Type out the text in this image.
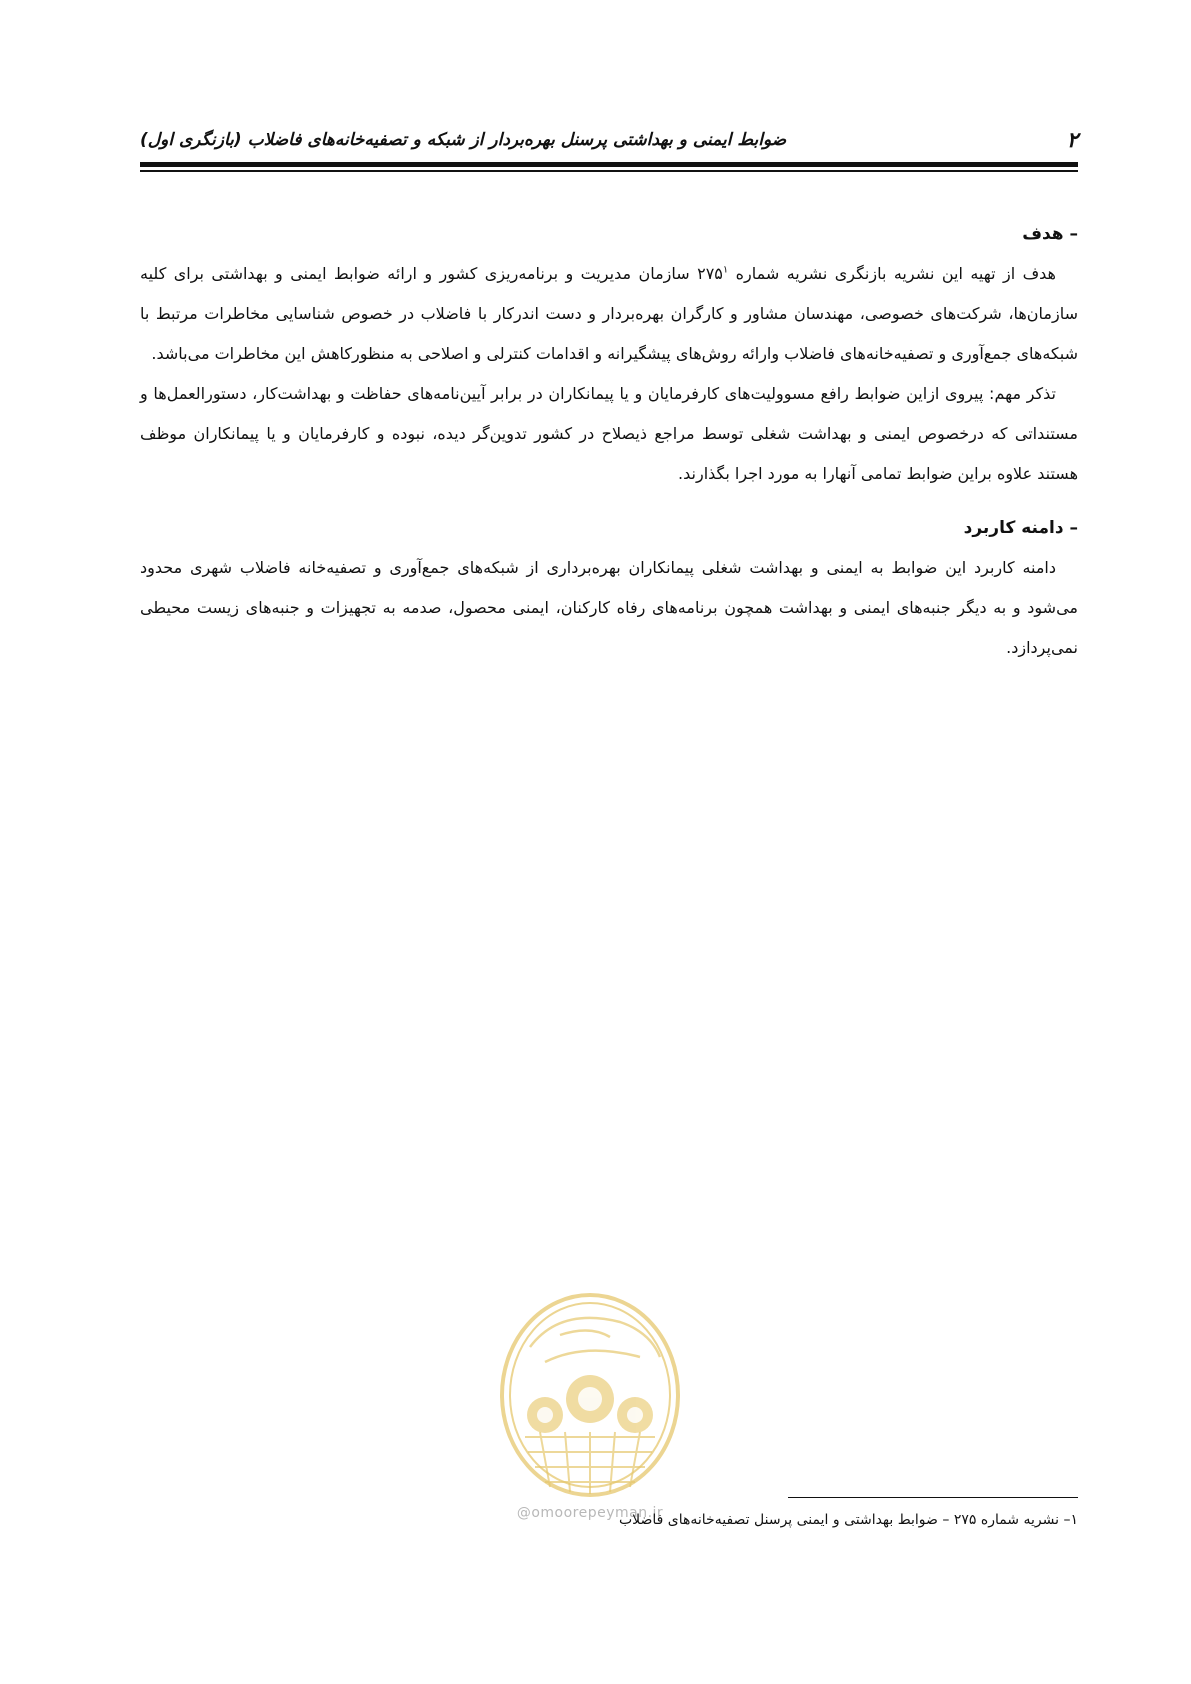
۲
ضوابط ایمنی و بهداشتی پرسنل بهره‌بردار از شبکه و تصفیه‌خانه‌های فاضلاب (بازنگری اول)

– هدف

هدف از تهیه این نشریه بازنگری نشریه شماره $۲۷۵^۱$ سازمان مدیریت و برنامه‌ریزی کشور و ارائه ضوابط ایمنی و بهداشتی برای کلیه سازمان‌ها، شرکت‌های خصوصی، مهندسان مشاور و کارگران بهره‌بردار و دست اندرکار با فاضلاب در خصوص شناسایی مخاطرات مرتبط با شبکه‌های جمع‌آوری و تصفیه‌خانه‌های فاضلاب وارائه روش‌های پیشگیرانه و اقدامات کنترلی و اصلاحی به منظورکاهش این مخاطرات می‌باشد.

تذکر مهم: پیروی ازاین ضوابط رافع مسوولیت‌های کارفرمایان و یا پیمانکاران در برابر آیین‌نامه‌های حفاظت و بهداشت‌کار، دستورالعمل‌ها و مستنداتی که درخصوص ایمنی و بهداشت شغلی توسط مراجع ذیصلاح در کشور تدوین‌گر دیده، نبوده و کارفرمایان و یا پیمانکاران موظف هستند علاوه براین ضوابط تمامی آنهارا به مورد اجرا بگذارند.

– دامنه کاربرد

دامنه کاربرد این ضوابط به ایمنی و بهداشت شغلی پیمانکاران بهره‌برداری از شبکه‌های جمع‌آوری و تصفیه‌خانه فاضلاب شهری محدود می‌شود و به دیگر جنبه‌های ایمنی و بهداشت همچون برنامه‌های رفاه کارکنان، ایمنی محصول، صدمه به تجهیزات و جنبه‌های زیست محیطی نمی‌پردازد.

@omoorepeyman.ir
۱– نشریه شماره ۲۷۵ – ضوابط بهداشتی و ایمنی پرسنل تصفیه‌خانه‌های فاضلاب
